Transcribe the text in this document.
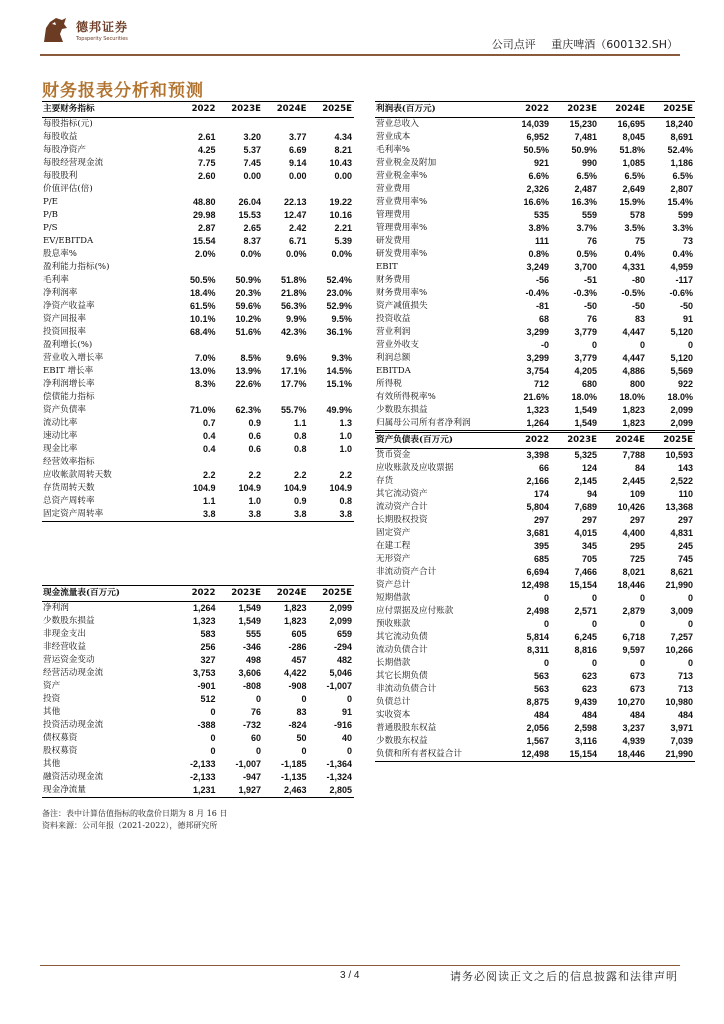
德邦证券
Topsperity Securities	公司点评 重庆啤酒（600132.SH）
财务报表分析和预测
主要财务指标	2022	2023E	2024E	2025E
每股指标(元)				
每股收益	2.61	3.20	3.77	4.34
每股净资产	4.25	5.37	6.69	8.21
每股经营现金流	7.75	7.45	9.14	10.43
每股股利	2.60	0.00	0.00	0.00
价值评估(倍)				
P/E	48.80	26.04	22.13	19.22
P/B	29.98	15.53	12.47	10.16
P/S	2.87	2.65	2.42	2.21
EV/EBITDA	15.54	8.37	6.71	5.39
股息率%	2.0%	0.0%	0.0%	0.0%
盈利能力指标(%)				
毛利率	50.5%	50.9%	51.8%	52.4%
净利润率	18.4%	20.3%	21.8%	23.0%
净资产收益率	61.5%	59.6%	56.3%	52.9%
资产回报率	10.1%	10.2%	9.9%	9.5%
投资回报率	68.4%	51.6%	42.3%	36.1%
盈利增长(%)				
营业收入增长率	7.0%	8.5%	9.6%	9.3%
EBIT 增长率	13.0%	13.9%	17.1%	14.5%
净利润增长率	8.3%	22.6%	17.7%	15.1%
偿债能力指标				
资产负债率	71.0%	62.3%	55.7%	49.9%
流动比率	0.7	0.9	1.1	1.3
速动比率	0.4	0.6	0.8	1.0
现金比率	0.4	0.6	0.8	1.0
经营效率指标				
应收帐款周转天数	2.2	2.2	2.2	2.2
存货周转天数	104.9	104.9	104.9	104.9
总资产周转率	1.1	1.0	0.9	0.8
固定资产周转率	3.8	3.8	3.8	3.8
现金流量表(百万元)	2022	2023E	2024E	2025E
净利润	1,264	1,549	1,823	2,099
少数股东损益	1,323	1,549	1,823	2,099
非现金支出	583	555	605	659
非经营收益	256	-346	-286	-294
营运资金变动	327	498	457	482
经营活动现金流	3,753	3,606	4,422	5,046
资产	-901	-808	-908	-1,007
投资	512	0	0	0
其他	0	76	83	91
投资活动现金流	-388	-732	-824	-916
债权募资	0	60	50	40
股权募资	0	0	0	0
其他	-2,133	-1,007	-1,185	-1,364
融资活动现金流	-2,133	-947	-1,135	-1,324
现金净流量	1,231	1,927	2,463	2,805
利润表(百万元)	2022	2023E	2024E	2025E
营业总收入	14,039	15,230	16,695	18,240
营业成本	6,952	7,481	8,045	8,691
毛利率%	50.5%	50.9%	51.8%	52.4%
营业税金及附加	921	990	1,085	1,186
营业税金率%	6.6%	6.5%	6.5%	6.5%
营业费用	2,326	2,487	2,649	2,807
营业费用率%	16.6%	16.3%	15.9%	15.4%
管理费用	535	559	578	599
管理费用率%	3.8%	3.7%	3.5%	3.3%
研发费用	111	76	75	73
研发费用率%	0.8%	0.5%	0.4%	0.4%
EBIT	3,249	3,700	4,331	4,959
财务费用	-56	-51	-80	-117
财务费用率%	-0.4%	-0.3%	-0.5%	-0.6%
资产减值损失	-81	-50	-50	-50
投资收益	68	76	83	91
营业利润	3,299	3,779	4,447	5,120
营业外收支	-0	0	0	0
利润总额	3,299	3,779	4,447	5,120
EBITDA	3,754	4,205	4,886	5,569
所得税	712	680	800	922
有效所得税率%	21.6%	18.0%	18.0%	18.0%
少数股东损益	1,323	1,549	1,823	2,099
归属母公司所有者净利润	1,264	1,549	1,823	2,099
资产负债表(百万元)	2022	2023E	2024E	2025E
货币资金	3,398	5,325	7,788	10,593
应收账款及应收票据	66	124	84	143
存货	2,166	2,145	2,445	2,522
其它流动资产	174	94	109	110
流动资产合计	5,804	7,689	10,426	13,368
长期股权投资	297	297	297	297
固定资产	3,681	4,015	4,400	4,831
在建工程	395	345	295	245
无形资产	685	705	725	745
非流动资产合计	6,694	7,466	8,021	8,621
资产总计	12,498	15,154	18,446	21,990
短期借款	0	0	0	0
应付票据及应付账款	2,498	2,571	2,879	3,009
预收账款	0	0	0	0
其它流动负债	5,814	6,245	6,718	7,257
流动负债合计	8,311	8,816	9,597	10,266
长期借款	0	0	0	0
其它长期负债	563	623	673	713
非流动负债合计	563	623	673	713
负债总计	8,875	9,439	10,270	10,980
实收资本	484	484	484	484
普通股股东权益	2,056	2,598	3,237	3,971
少数股东权益	1,567	3,116	4,939	7,039
负债和所有者权益合计	12,498	15,154	18,446	21,990
备注：表中计算估值指标的收盘价日期为 8 月 16 日
资料来源：公司年报（2021-2022），德邦研究所
3 / 4	请务必阅读正文之后的信息披露和法律声明
